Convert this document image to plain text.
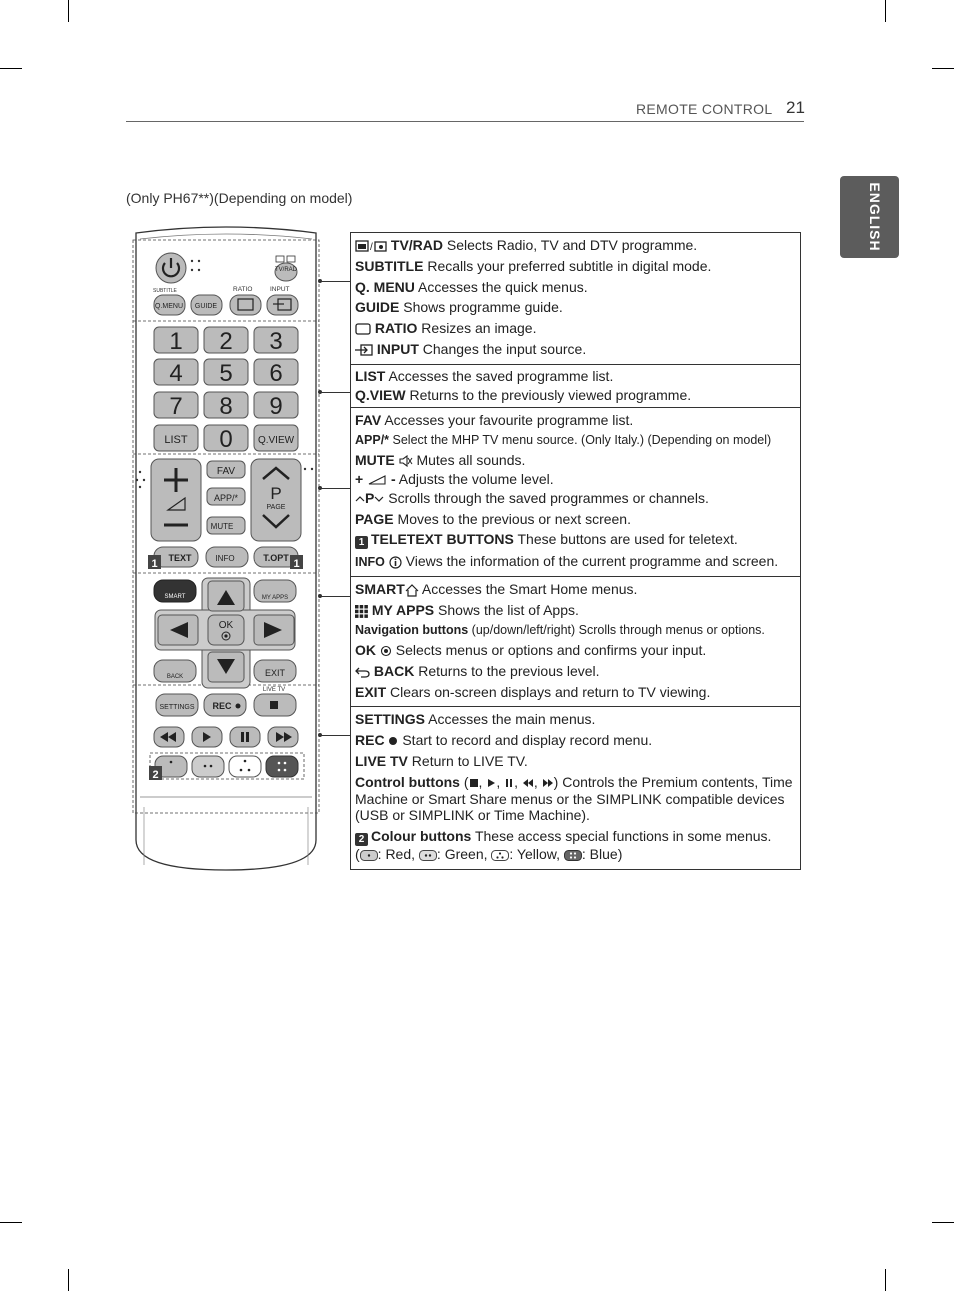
REMOTE CONTROL 21
ENGLISH
(Only PH67**)(Depending on model)
TV/RAD
SUBTITLE	RATIO	INPUT
Q.MENU GUIDE
1 2 3
4 5 6
7 8 9
LIST 0	Q.VIEW
P
PAGE
FAV
APP/*
MUTE
TEXT	INFO	T.OPT
1	1
SMART	MY APPS
OK
BACK	EXIT
LIVE TV
SETTINGS REC
2
/ TV/RAD Selects Radio, TV and DTV programme.
SUBTITLE Recalls your preferred subtitle in digital mode.
Q. MENU Accesses the quick menus.
GUIDE Shows programme guide.
RATIO Resizes an image.
INPUT Changes the input source.
LIST Accesses the saved programme list.
Q.VIEW Returns to the previously viewed programme.
FAV Accesses your favourite programme list.
APP/* Select the MHP TV menu source. (Only Italy.) (Depending on model)
MUTE  Mutes all sounds.
+ - Adjusts the volume level.
P Scrolls through the saved programmes or channels.
PAGE Moves to the previous or next screen.
1 TELETEXT BUTTONS These buttons are used for teletext.
INFO  Views the information of the current programme and screen.
SMART Accesses the Smart Home menus.
MY APPS Shows the list of Apps.
Navigation buttons (up/down/left/right) Scrolls through menus or options.
OK  Selects menus or options and confirms your input.
BACK Returns to the previous level.
EXIT Clears on-screen displays and return to TV viewing.
SETTINGS Accesses the main menus.
REC  Start to record and display record menu.
LIVE TV Return to LIVE TV.
Control buttons ( , , , , ) Controls the Premium contents, Time Machine or Smart Share menus or the SIMPLINK compatible devices (USB or SIMPLINK or Time Machine).
2 Colour buttons These access special functions in some menus.
( : Red, : Green, : Yellow, : Blue)
